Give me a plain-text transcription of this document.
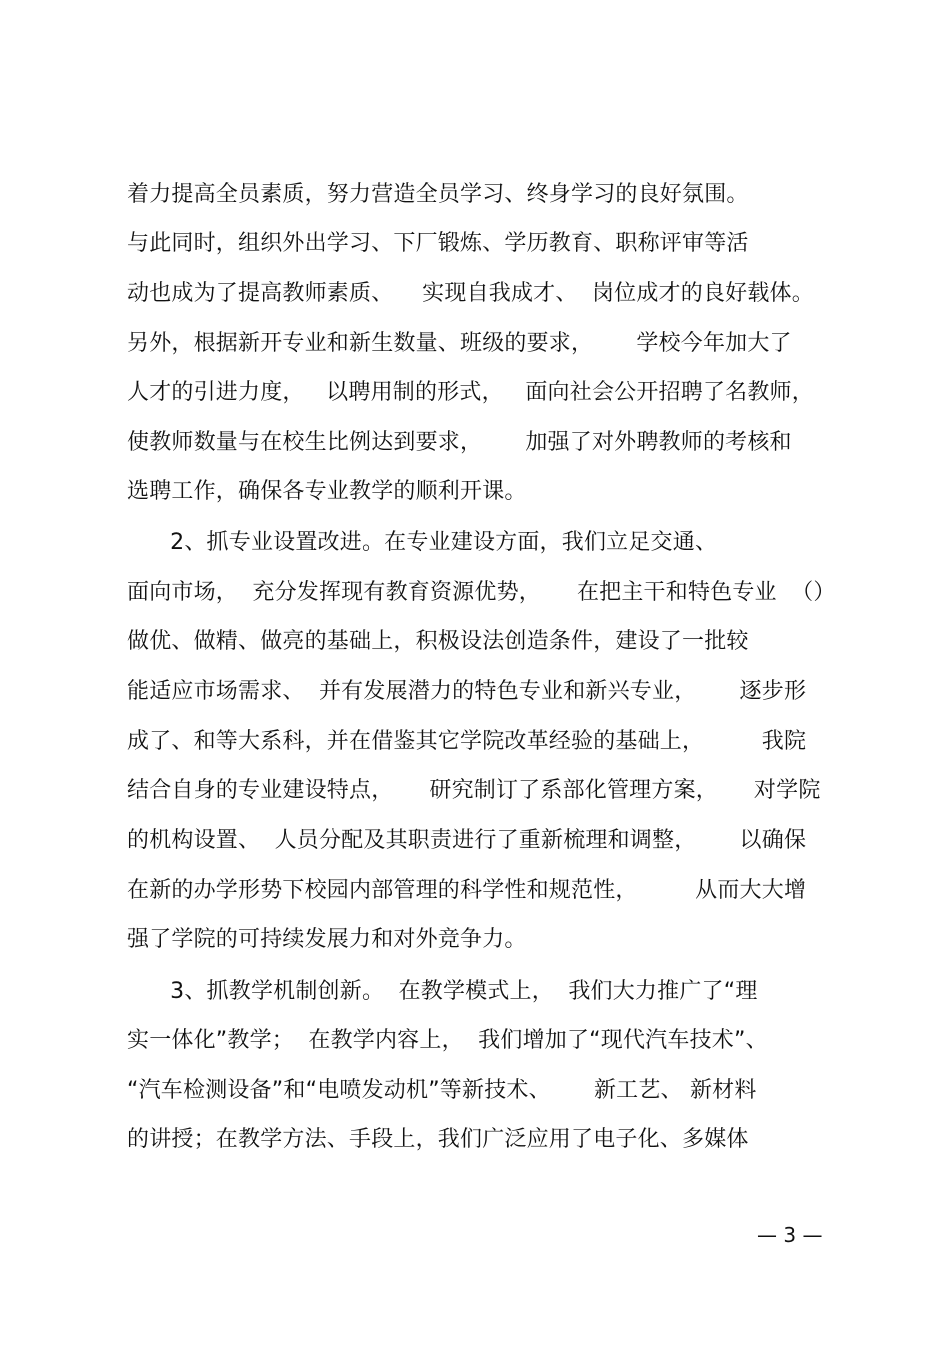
着力提高全员素质，努力营造全员学习、终身学习的良好氛围。
与此同时，组织外出学习、下厂锻炼、学历教育、职称评审等活
动也成为了提高教师素质、    实现自我成才、  岗位成才的良好载体。
另外，根据新开专业和新生数量、班级的要求，      学校今年加大了
人才的引进力度，   以聘用制的形式，   面向社会公开招聘了名教师，
使教师数量与在校生比例达到要求，      加强了对外聘教师的考核和
选聘工作，确保各专业教学的顺利开课。
2、抓专业设置改进。在专业建设方面，我们立足交通、
面向市场，  充分发挥现有教育资源优势，     在把主干和特色专业  （）
做优、做精、做亮的基础上，积极设法创造条件，建设了一批较
能适应市场需求、  并有发展潜力的特色专业和新兴专业，      逐步形
成了、和等大系科，并在借鉴其它学院改革经验的基础上，        我院
结合自身的专业建设特点，     研究制订了系部化管理方案，     对学院
的机构设置、  人员分配及其职责进行了重新梳理和调整，      以确保
在新的办学形势下校园内部管理的科学性和规范性，        从而大大增
强了学院的可持续发展力和对外竞争力。
3、抓教学机制创新。  在教学模式上，  我们大力推广了“理
实一体化”教学；  在教学内容上，  我们增加了“现代汽车技术”、
“汽车检测设备”和“电喷发动机”等新技术、      新工艺、 新材料
的讲授；在教学方法、手段上，我们广泛应用了电子化、多媒体
— 3 —
